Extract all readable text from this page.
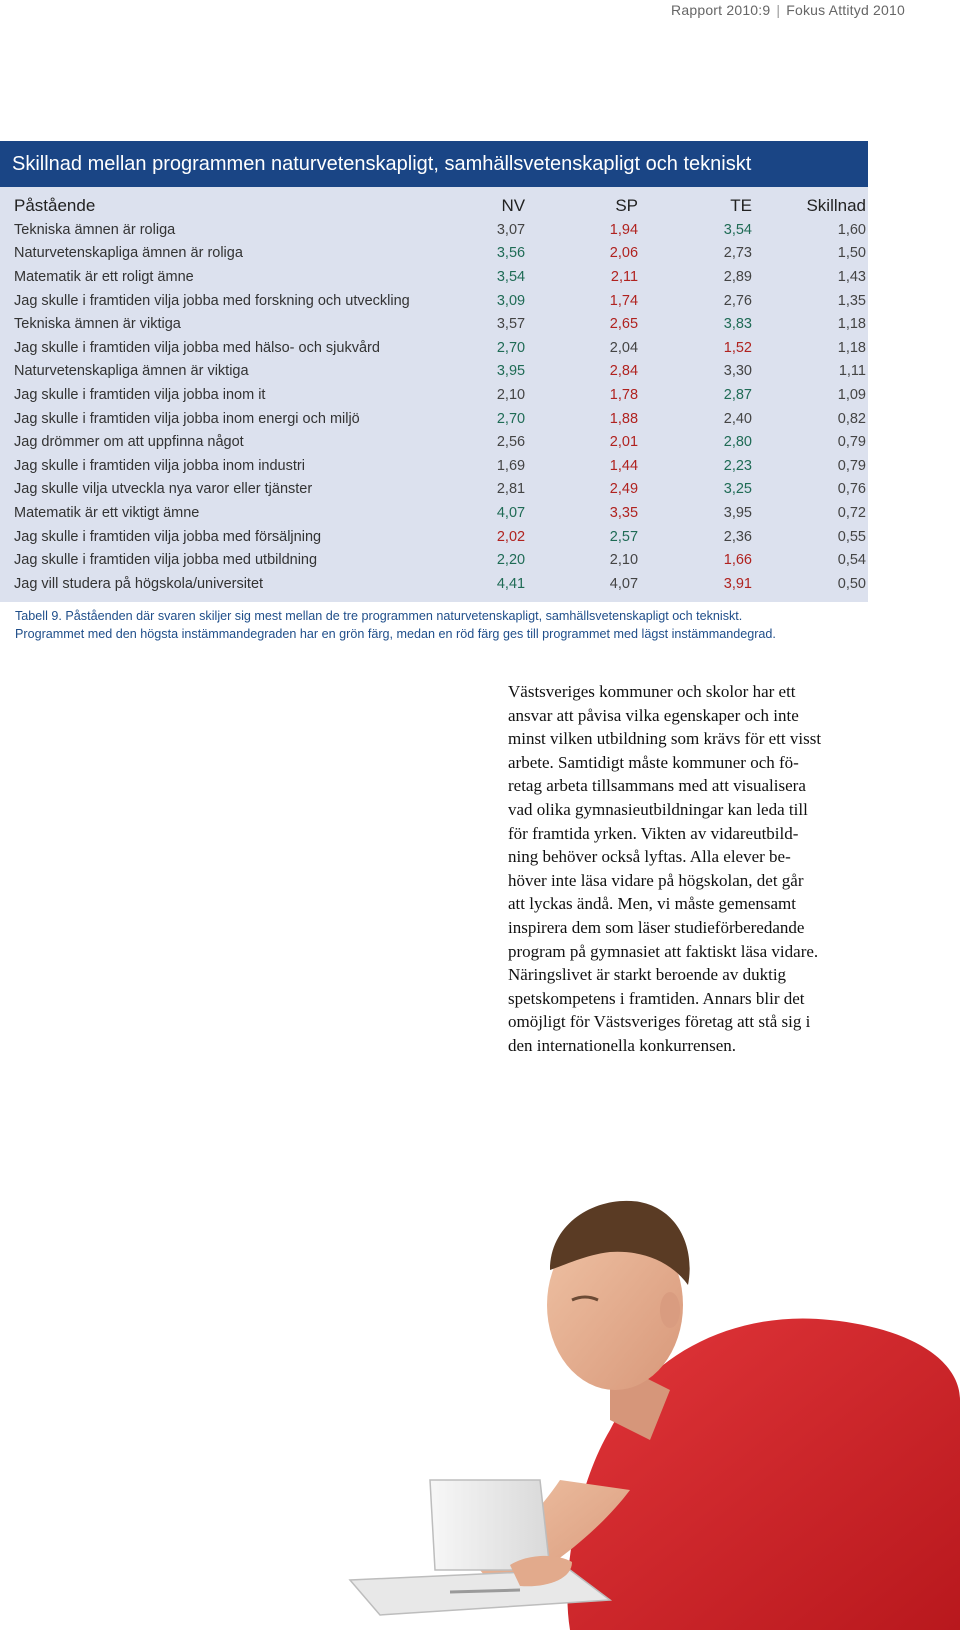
Rapport 2010:9 | Fokus Attityd 2010
Skillnad mellan programmen naturvetenskapligt, samhällsvetenskapligt och tekniskt
Påstående	NV	SP	TE	Skillnad
Tekniska ämnen är roliga	3,07	1,94	3,54	1,60
Naturvetenskapliga ämnen är roliga	3,56	2,06	2,73	1,50
Matematik är ett roligt ämne	3,54	2,11	2,89	1,43
Jag skulle i framtiden vilja jobba med forskning och utveckling	3,09	1,74	2,76	1,35
Tekniska ämnen är viktiga	3,57	2,65	3,83	1,18
Jag skulle i framtiden vilja jobba med hälso- och sjukvård	2,70	2,04	1,52	1,18
Naturvetenskapliga ämnen är viktiga	3,95	2,84	3,30	1,11
Jag skulle i framtiden vilja jobba inom it	2,10	1,78	2,87	1,09
Jag skulle i framtiden vilja jobba inom energi och miljö	2,70	1,88	2,40	0,82
Jag drömmer om att uppfinna något	2,56	2,01	2,80	0,79
Jag skulle i framtiden vilja jobba inom industri	1,69	1,44	2,23	0,79
Jag skulle vilja utveckla nya varor eller tjänster	2,81	2,49	3,25	0,76
Matematik är ett viktigt ämne	4,07	3,35	3,95	0,72
Jag skulle i framtiden vilja jobba med försäljning	2,02	2,57	2,36	0,55
Jag skulle i framtiden vilja jobba med utbildning	2,20	2,10	1,66	0,54
Jag vill studera på högskola/universitet	4,41	4,07	3,91	0,50

Tabell 9. Påståenden där svaren skiljer sig mest mellan de tre programmen naturvetenskapligt, samhällsvetenskapligt och tekniskt.

Programmet med den högsta instämmandegraden har en grön färg, medan en röd färg ges till programmet med lägst instämmandegrad.

Västsveriges kommuner och skolor har ett

ansvar att påvisa vilka egenskaper och inte

minst vilken utbildning som krävs för ett visst

arbete. Samtidigt måste kommuner och fö-

retag arbeta tillsammans med att visualisera

vad olika gymnasieutbildningar kan leda till

för framtida yrken. Vikten av vidareutbild-

ning behöver också lyftas. Alla elever be-

höver inte läsa vidare på högskolan, det går

att lyckas ändå. Men, vi måste gemensamt

inspirera dem som läser studieförberedande

program på gymnasiet att faktiskt läsa vidare.

Näringslivet är starkt beroende av duktig

spetskompetens i framtiden. Annars blir det

omöjligt för Västsveriges företag att stå sig i

den internationella konkurrensen.
